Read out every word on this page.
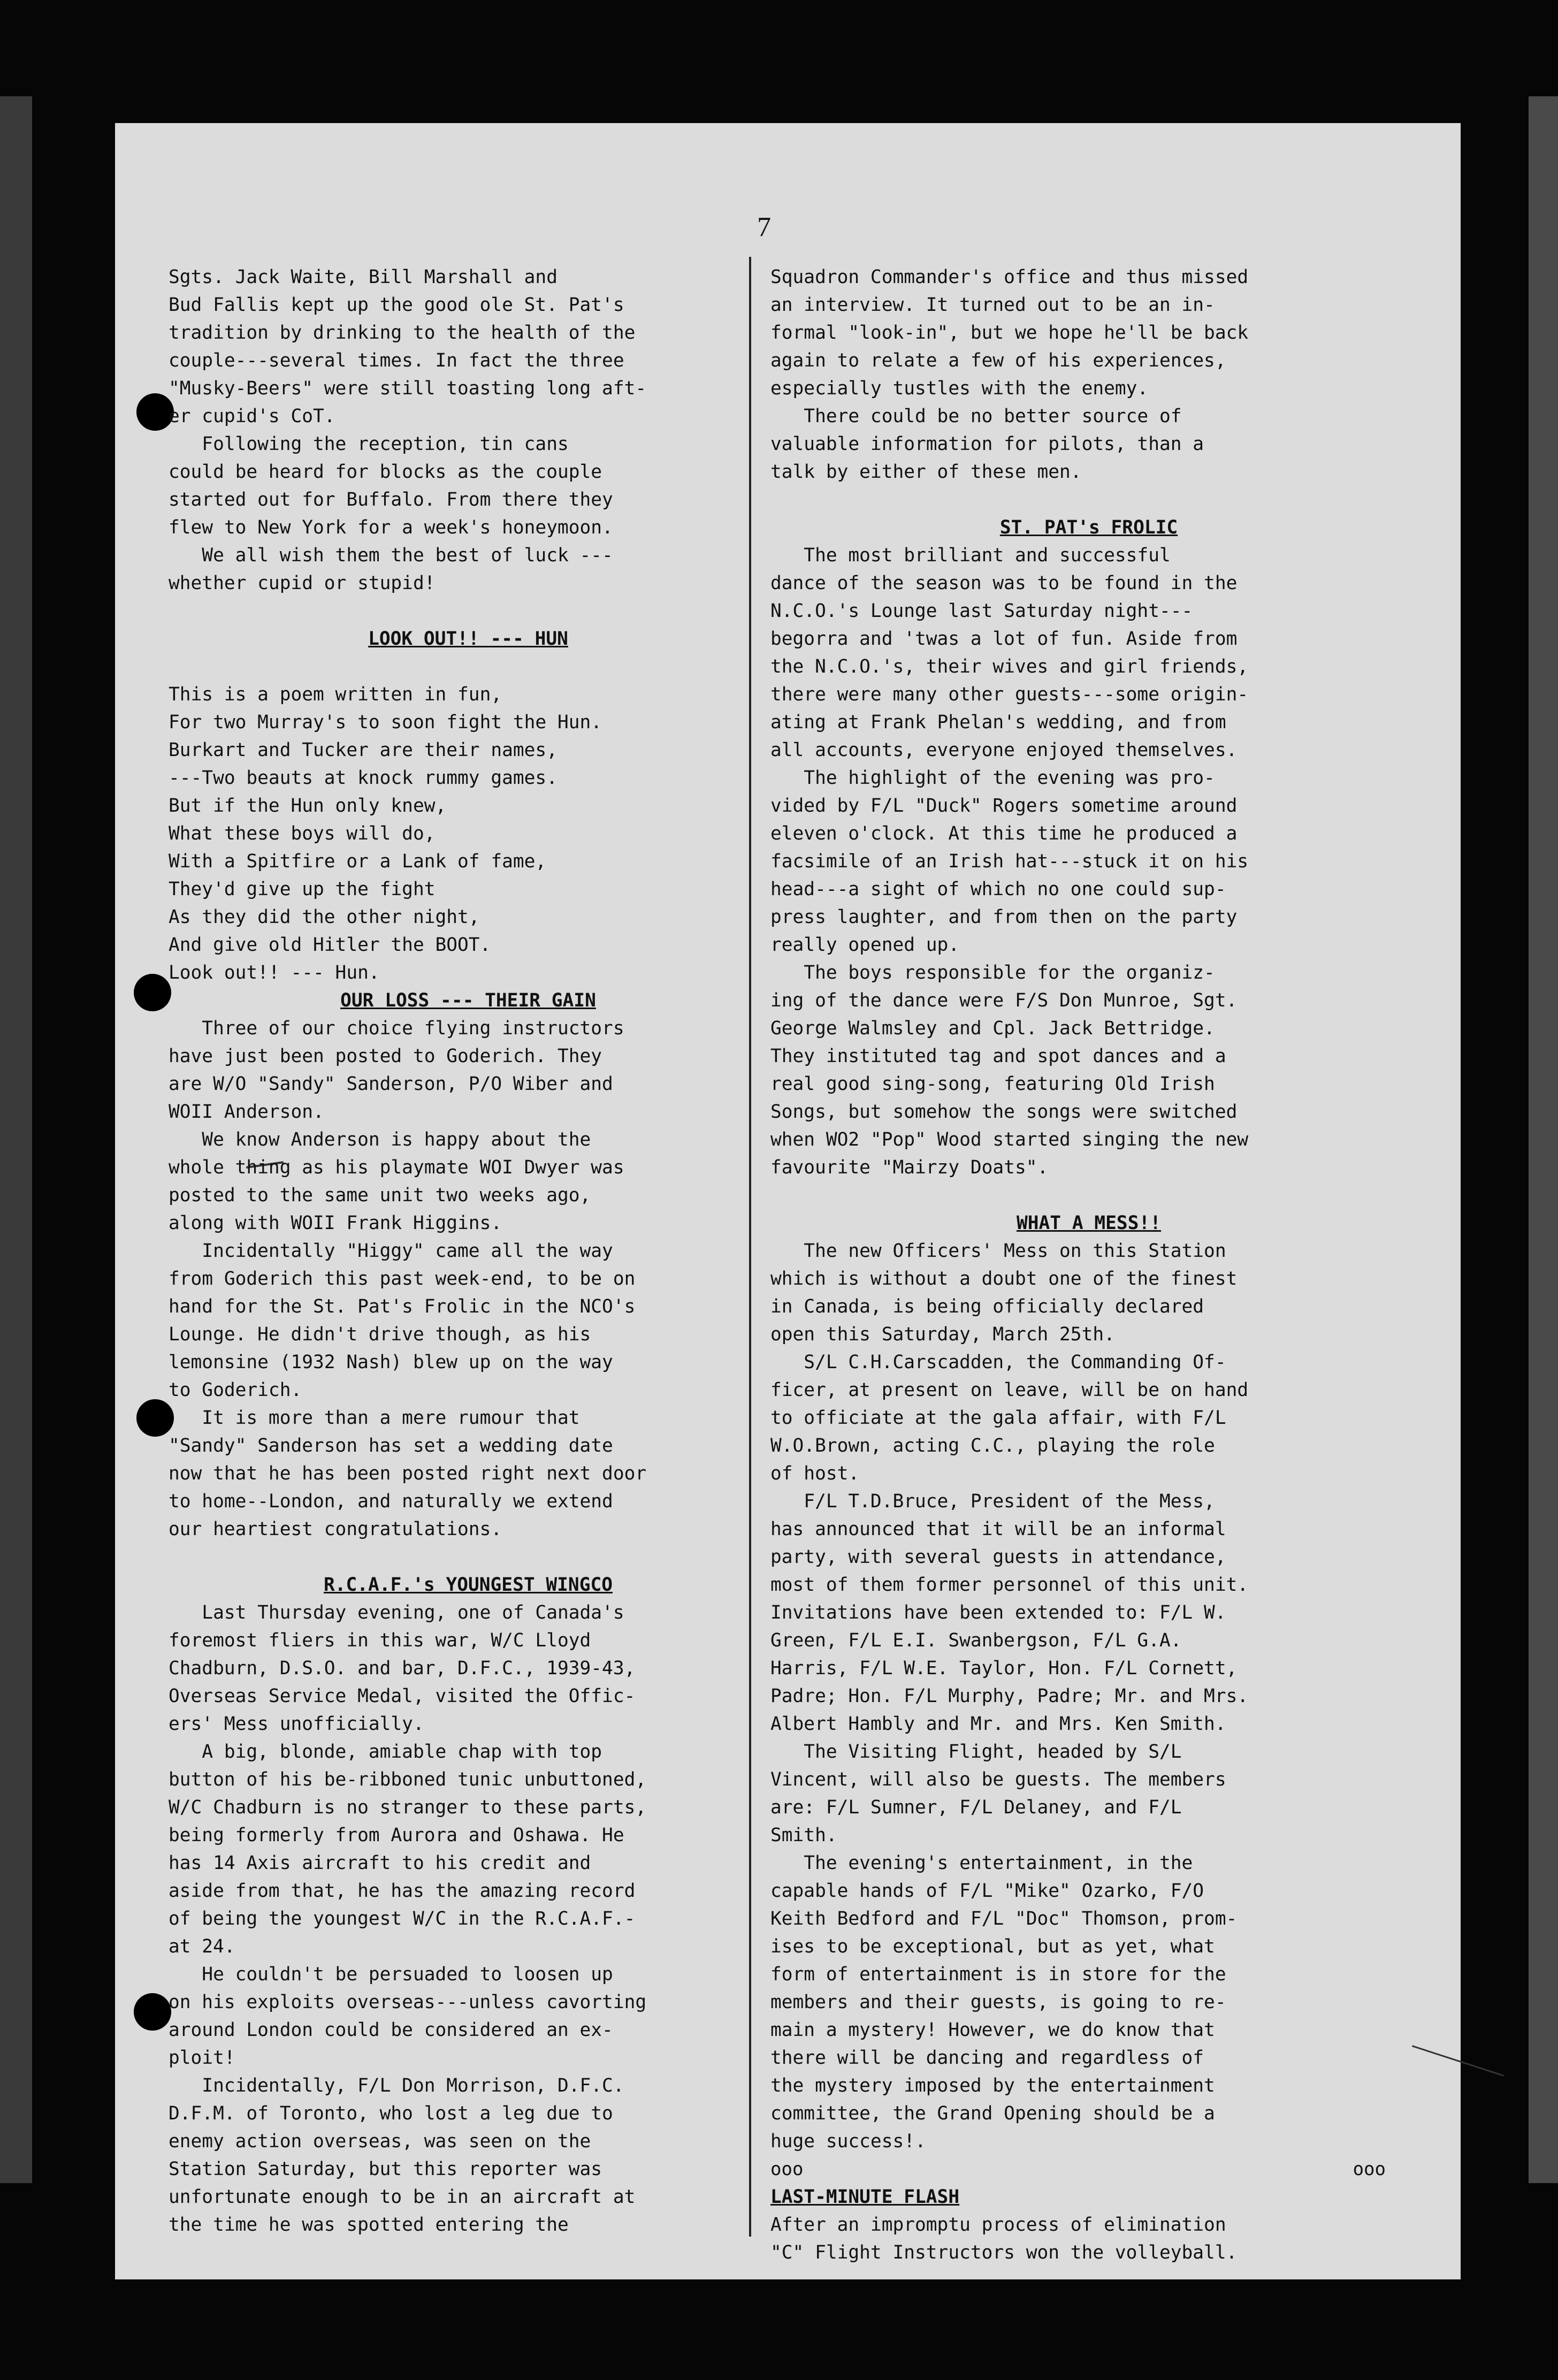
7
Sgts. Jack Waite, Bill Marshall and
Bud Fallis kept up the good ole St. Pat's
tradition by drinking to the health of the
couple---several times. In fact the three
"Musky-Beers" were still toasting long aft-
er cupid's CoT.
Following the reception, tin cans
could be heard for blocks as the couple
started out for Buffalo. From there they
flew to New York for a week's honeymoon.
We all wish them the best of luck ---
whether cupid or stupid!
LOOK OUT!! --- HUN
This is a poem written in fun,
For two Murray's to soon fight the Hun.
Burkart and Tucker are their names,
---Two beauts at knock rummy games.
But if the Hun only knew,
What these boys will do,
With a Spitfire or a Lank of fame,
They'd give up the fight
As they did the other night,
And give old Hitler the BOOT.
Look out!! --- Hun.
OUR LOSS --- THEIR GAIN
Three of our choice flying instructors
have just been posted to Goderich. They
are W/O "Sandy" Sanderson, P/O Wiber and
WOII Anderson.
We know Anderson is happy about the
whole thing as his playmate WOI Dwyer was
posted to the same unit two weeks ago,
along with WOII Frank Higgins.
Incidentally "Higgy" came all the way
from Goderich this past week-end, to be on
hand for the St. Pat's Frolic in the NCO's
Lounge. He didn't drive though, as his
lemonsine (1932 Nash) blew up on the way
to Goderich.
It is more than a mere rumour that
"Sandy" Sanderson has set a wedding date
now that he has been posted right next door
to home--London, and naturally we extend
our heartiest congratulations.
R.C.A.F.'s YOUNGEST WINGCO
Last Thursday evening, one of Canada's
foremost fliers in this war, W/C Lloyd
Chadburn, D.S.O. and bar, D.F.C., 1939-43,
Overseas Service Medal, visited the Offic-
ers' Mess unofficially.
A big, blonde, amiable chap with top
button of his be-ribboned tunic unbuttoned,
W/C Chadburn is no stranger to these parts,
being formerly from Aurora and Oshawa. He
has 14 Axis aircraft to his credit and
aside from that, he has the amazing record
of being the youngest W/C in the R.C.A.F.-
at 24.
He couldn't be persuaded to loosen up
on his exploits overseas---unless cavorting
around London could be considered an ex-
ploit!
Incidentally, F/L Don Morrison, D.F.C.
D.F.M. of Toronto, who lost a leg due to
enemy action overseas, was seen on the
Station Saturday, but this reporter was
unfortunate enough to be in an aircraft at
the time he was spotted entering the
Squadron Commander's office and thus missed
an interview. It turned out to be an in-
formal "look-in", but we hope he'll be back
again to relate a few of his experiences,
especially tustles with the enemy.
There could be no better source of
valuable information for pilots, than a
talk by either of these men.
ST. PAT's FROLIC
The most brilliant and successful
dance of the season was to be found in the
N.C.O.'s Lounge last Saturday night---
begorra and 'twas a lot of fun. Aside from
the N.C.O.'s, their wives and girl friends,
there were many other guests---some origin-
ating at Frank Phelan's wedding, and from
all accounts, everyone enjoyed themselves.
The highlight of the evening was pro-
vided by F/L "Duck" Rogers sometime around
eleven o'clock. At this time he produced a
facsimile of an Irish hat---stuck it on his
head---a sight of which no one could sup-
press laughter, and from then on the party
really opened up.
The boys responsible for the organiz-
ing of the dance were F/S Don Munroe, Sgt.
George Walmsley and Cpl. Jack Bettridge.
They instituted tag and spot dances and a
real good sing-song, featuring Old Irish
Songs, but somehow the songs were switched
when WO2 "Pop" Wood started singing the new
favourite "Mairzy Doats".
WHAT A MESS!!
The new Officers' Mess on this Station
which is without a doubt one of the finest
in Canada, is being officially declared
open this Saturday, March 25th.
S/L C.H.Carscadden, the Commanding Of-
ficer, at present on leave, will be on hand
to officiate at the gala affair, with F/L
W.O.Brown, acting C.C., playing the role
of host.
F/L T.D.Bruce, President of the Mess,
has announced that it will be an informal
party, with several guests in attendance,
most of them former personnel of this unit.
Invitations have been extended to: F/L W.
Green, F/L E.I. Swanbergson, F/L G.A.
Harris, F/L W.E. Taylor, Hon. F/L Cornett,
Padre; Hon. F/L Murphy, Padre; Mr. and Mrs.
Albert Hambly and Mr. and Mrs. Ken Smith.
The Visiting Flight, headed by S/L
Vincent, will also be guests. The members
are: F/L Sumner, F/L Delaney, and F/L
Smith.
The evening's entertainment, in the
capable hands of F/L "Mike" Ozarko, F/O
Keith Bedford and F/L "Doc" Thomson, prom-
ises to be exceptional, but as yet, what
form of entertainment is in store for the
members and their guests, is going to re-
main a mystery! However, we do know that
there will be dancing and regardless of
the mystery imposed by the entertainment
committee, the Grand Opening should be a
huge success!.
ooo	ooo
LAST-MINUTE FLASH
After an impromptu process of elimination
"C" Flight Instructors won the volleyball.
